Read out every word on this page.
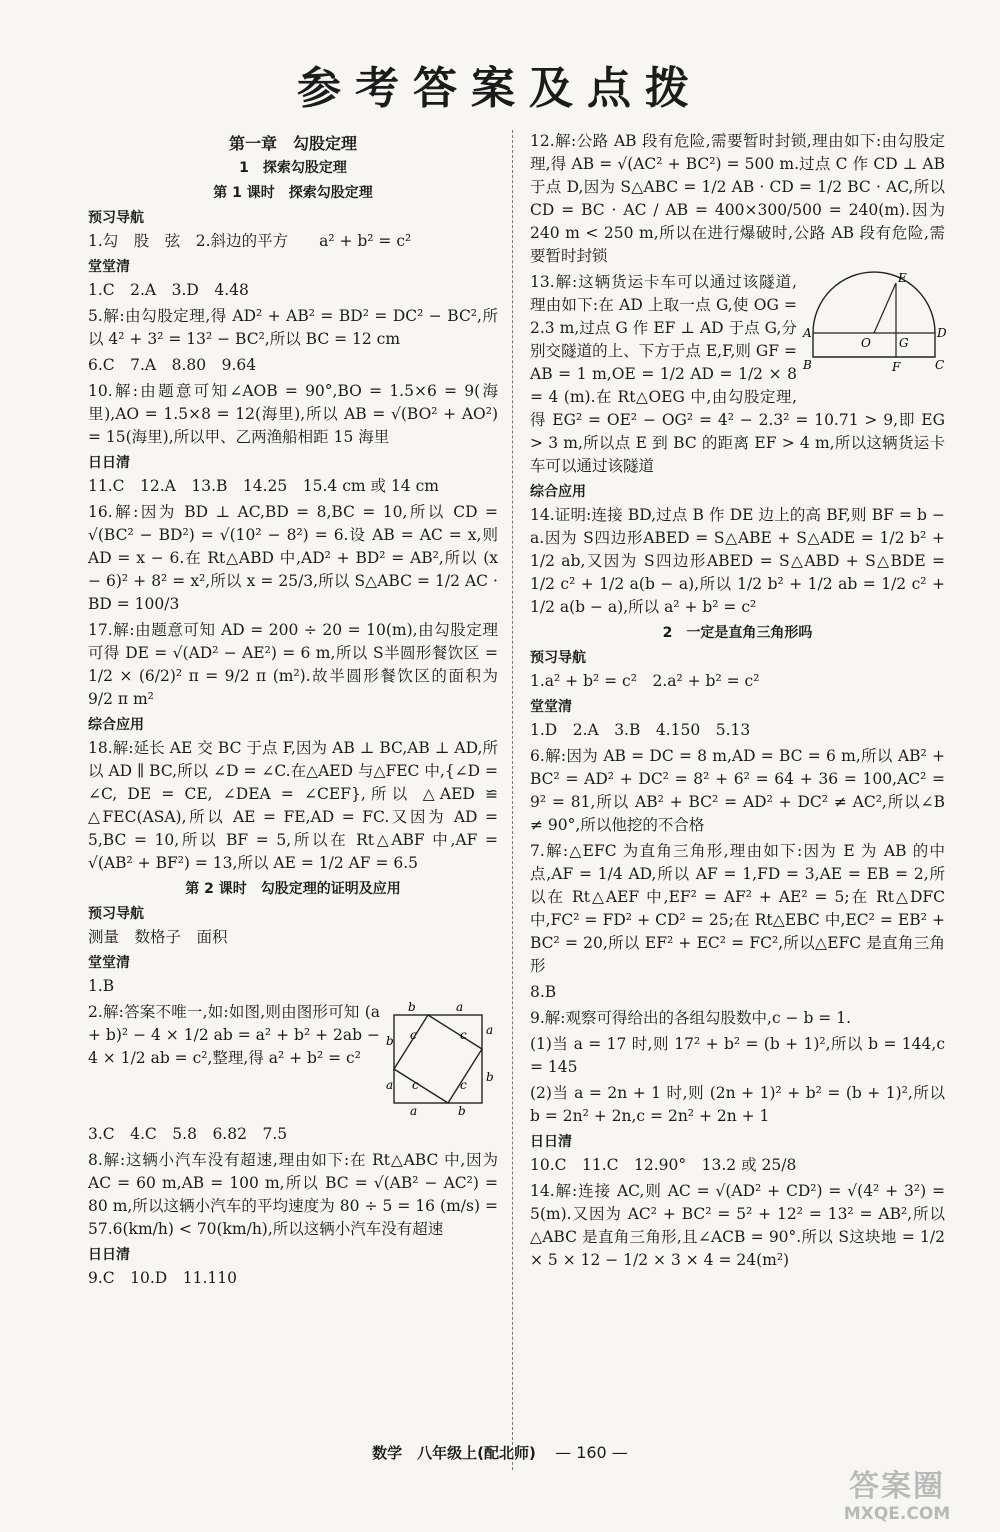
参考答案及点拨
第一章　勾股定理
1　探索勾股定理
第 1 课时　探索勾股定理
预习导航
1.勾　股　弦　2.斜边的平方　　a² + b² = c²
堂堂清
1.C　2.A　3.D　4.48
5.解:由勾股定理,得 AD² + AB² = BD² = DC² − BC²,所以 4² + 3² = 13² − BC²,所以 BC = 12 cm
6.C　7.A　8.80　9.64
10.解:由题意可知∠AOB = 90°,BO = 1.5×6 = 9(海里),AO = 1.5×8 = 12(海里),所以 AB = √(BO² + AO²) = 15(海里),所以甲、乙两渔船相距 15 海里
日日清
11.C　12.A　13.B　14.25　15.4 cm 或 14 cm
16.解:因为 BD ⊥ AC,BD = 8,BC = 10,所以 CD = √(BC² − BD²) = √(10² − 8²) = 6.设 AB = AC = x,则 AD = x − 6.在 Rt△ABD 中,AD² + BD² = AB²,所以 (x − 6)² + 8² = x²,所以 x = 25/3,所以 S△ABC = 1/2 AC · BD = 100/3
17.解:由题意可知 AD = 200 ÷ 20 = 10(m),由勾股定理可得 DE = √(AD² − AE²) = 6 m,所以 S半圆形餐饮区 = 1/2 × (6/2)² π = 9/2 π (m²).故半圆形餐饮区的面积为 9/2 π m²
综合应用
18.解:延长 AE 交 BC 于点 F,因为 AB ⊥ BC,AB ⊥ AD,所以 AD ∥ BC,所以 ∠D = ∠C.在△AED 与△FEC 中,{∠D = ∠C, DE = CE, ∠DEA = ∠CEF},所以 △AED ≌ △FEC(ASA),所以 AE = FE,AD = FC.又因为 AD = 5,BC = 10,所以 BF = 5,所以在 Rt△ABF 中,AF = √(AB² + BF²) = 13,所以 AE = 1/2 AF = 6.5
第 2 课时　勾股定理的证明及应用
预习导航
测量　数格子　面积
堂堂清
1.B
b	a
a
b
b
a
a
b c	c
c
c
2.解:答案不唯一,如:如图,则由图形可知 (a + b)² − 4 × 1/2 ab = a² + b² + 2ab − 4 × 1/2 ab = c²,整理,得 a² + b² = c²
3.C　4.C　5.8　6.82　7.5
8.解:这辆小汽车没有超速,理由如下:在 Rt△ABC 中,因为 AC = 60 m,AB = 100 m,所以 BC = √(AB² − AC²) = 80 m,所以这辆小汽车的平均速度为 80 ÷ 5 = 16 (m/s) = 57.6(km/h) < 70(km/h),所以这辆小汽车没有超速
日日清
9.C　10.D　11.110
12.解:公路 AB 段有危险,需要暂时封锁,理由如下:由勾股定理,得 AB = √(AC² + BC²) = 500 m.过点 C 作 CD ⊥ AB 于点 D,因为 S△ABC = 1/2 AB · CD = 1/2 BC · AC,所以 CD = BC · AC / AB = 400×300/500 = 240(m).因为 240 m < 250 m,所以在进行爆破时,公路 AB 段有危险,需要暂时封锁
E
A
O G
D
B	F	C
13.解:这辆货运卡车可以通过该隧道,理由如下:在 AD 上取一点 G,使 OG = 2.3 m,过点 G 作 EF ⊥ AD 于点 G,分别交隧道的上、下方于点 E,F,则 GF = AB = 1 m,OE = 1/2 AD = 1/2 × 8 = 4 (m).在 Rt△OEG 中,由勾股定理,得 EG² = OE² − OG² = 4² − 2.3² = 10.71 > 9,即 EG > 3 m,所以点 E 到 BC 的距离 EF > 4 m,所以这辆货运卡车可以通过该隧道
综合应用
14.证明:连接 BD,过点 B 作 DE 边上的高 BF,则 BF = b − a.因为 S四边形ABED = S△ABE + S△ADE = 1/2 b² + 1/2 ab,又因为 S四边形ABED = S△ABD + S△BDE = 1/2 c² + 1/2 a(b − a),所以 1/2 b² + 1/2 ab = 1/2 c² + 1/2 a(b − a),所以 a² + b² = c²
2　一定是直角三角形吗
预习导航
1.a² + b² = c²　2.a² + b² = c²
堂堂清
1.D　2.A　3.B　4.150　5.13
6.解:因为 AB = DC = 8 m,AD = BC = 6 m,所以 AB² + BC² = AD² + DC² = 8² + 6² = 64 + 36 = 100,AC² = 9² = 81,所以 AB² + BC² = AD² + DC² ≠ AC²,所以∠B ≠ 90°,所以他挖的不合格
7.解:△EFC 为直角三角形,理由如下:因为 E 为 AB 的中点,AF = 1/4 AD,所以 AF = 1,FD = 3,AE = EB = 2,所以在 Rt△AEF 中,EF² = AF² + AE² = 5;在 Rt△DFC 中,FC² = FD² + CD² = 25;在 Rt△EBC 中,EC² = EB² + BC² = 20,所以 EF² + EC² = FC²,所以△EFC 是直角三角形
8.B
9.解:观察可得给出的各组勾股数中,c − b = 1.
(1)当 a = 17 时,则 17² + b² = (b + 1)²,所以 b = 144,c = 145
(2)当 a = 2n + 1 时,则 (2n + 1)² + b² = (b + 1)²,所以 b = 2n² + 2n,c = 2n² + 2n + 1
日日清
10.C　11.C　12.90°　13.2 或 25/8
14.解:连接 AC,则 AC = √(AD² + CD²) = √(4² + 3²) = 5(m).又因为 AC² + BC² = 5² + 12² = 13² = AB²,所以△ABC 是直角三角形,且∠ACB = 90°.所以 S这块地 = 1/2 × 5 × 12 − 1/2 × 3 × 4 = 24(m²)
数学　八年级上(配北师) — 160 —
答案圈
MXQE.COM
